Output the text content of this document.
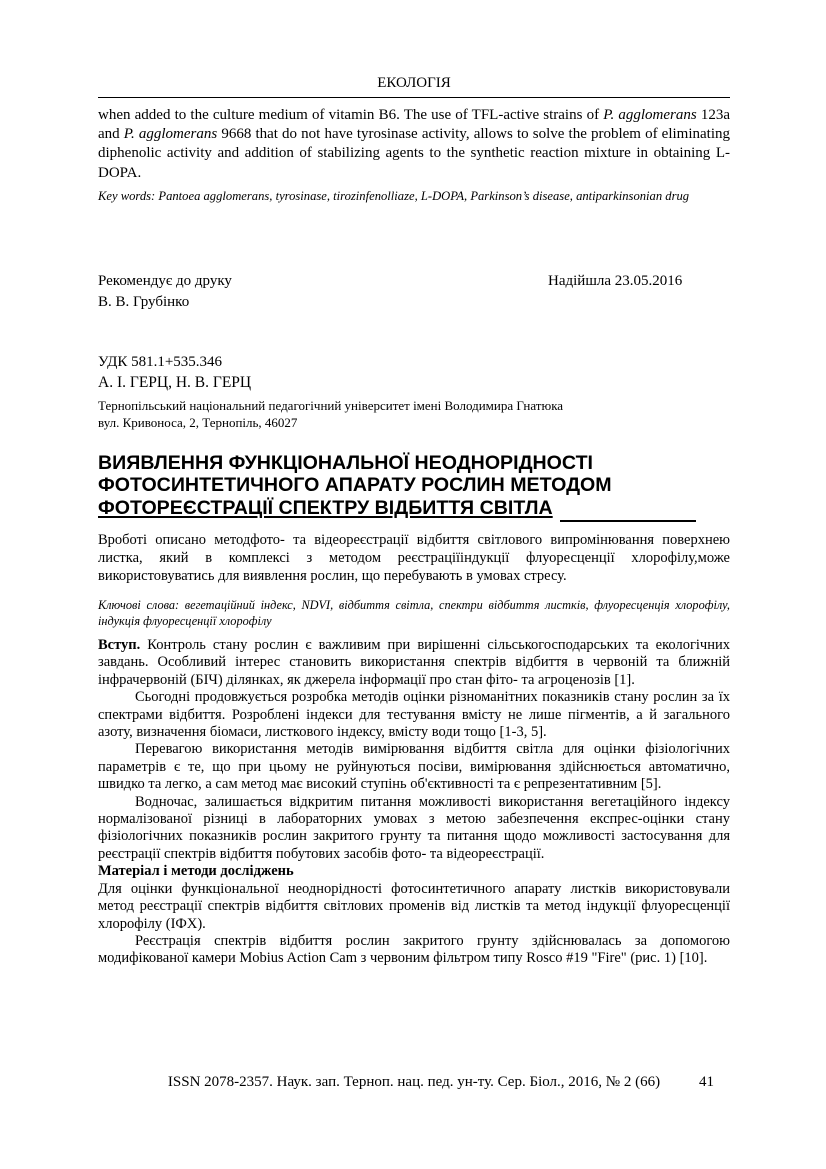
ЕКОЛОГІЯ

when added to the culture medium of vitamin B6. The use of TFL-active strains of P. agglomerans 123a and P. agglomerans 9668 that do not have tyrosinase activity, allows to solve the problem of eliminating diphenolic activity and addition of stabilizing agents to the synthetic reaction mixture in obtaining L-DOPA.

Key words: Pantoea agglomerans, tyrosinase, tirozinfenolliaze, L-DOPA, Parkinson’s disease, antiparkinsonian drug

Рекомендує до друку	Надійшла 23.05.2016
В. В. Грубінко
УДК 581.1+535.346
А. І. ГЕРЦ, Н. В. ГЕРЦ
Тернопільський національний педагогічний університет імені Володимира Гнатюка
вул. Кривоноса, 2, Тернопіль, 46027

ВИЯВЛЕННЯ ФУНКЦІОНАЛЬНОЇ НЕОДНОРІДНОСТІ

ФОТОСИНТЕТИЧНОГО АПАРАТУ РОСЛИН МЕТОДОМ

ФОТОРЕЄСТРАЦІЇ СПЕКТРУ ВІДБИТТЯ СВІТЛА

Вроботі описано методфото- та відеореєстрації відбиття світлового випромінювання поверхнею листка, який в комплексі з методом реєстраціїіндукції флуоресценції хлорофілу,може використовуватись для виявлення рослин, що перебувають в умовах стресу.

Ключові слова: вегетаційний індекс, NDVI, відбиття світла, спектри відбиття листків, флуоресценція хлорофілу, індукція флуоресценції хлорофілу

Вступ. Контроль стану рослин є важливим при вирішенні сільськогосподарських та екологічних завдань. Особливий інтерес становить використання спектрів відбиття в червоній та ближній інфрачервоній (БІЧ) ділянках, як джерела інформації про стан фіто- та агроценозів [1].

Сьогодні продовжується розробка методів оцінки різноманітних показників стану рослин за їх спектрами відбиття. Розроблені індекси для тестування вмісту не лише пігментів, а й загального азоту, визначення біомаси, листкового індексу, вмісту води тощо [1-3, 5].

Перевагою використання методів вимірювання відбиття світла для оцінки фізіологічних параметрів є те, що при цьому не руйнуються посіви, вимірювання здійснюється автоматично, швидко та легко, а сам метод має високий ступінь об'єктивності та є репрезентативним [5].

Водночас, залишається відкритим питання можливості використання вегетаційного індексу нормалізованої різниці в лабораторних умовах з метою забезпечення експрес-оцінки стану фізіологічних показників рослин закритого грунту та питання щодо можливості застосування для реєстрації спектрів відбиття побутових засобів фото- та відеореєстрації.

Матеріал і методи досліджень

Для оцінки функціональної неоднорідності фотосинтетичного апарату листків використовували метод реєстрації спектрів відбиття світлових променів від листків та метод індукції флуоресценції хлорофілу (ІФХ).

Реєстрація спектрів відбиття рослин закритого грунту здійснювалась за допомогою модифікованої камери Mobius Action Cam з червоним фільтром типу Rosco #19 "Fire" (рис. 1) [10].

ISSN 2078-2357. Наук. зап. Терноп. нац. пед. ун-ту. Сер. Біол., 2016, № 2 (66)	41
